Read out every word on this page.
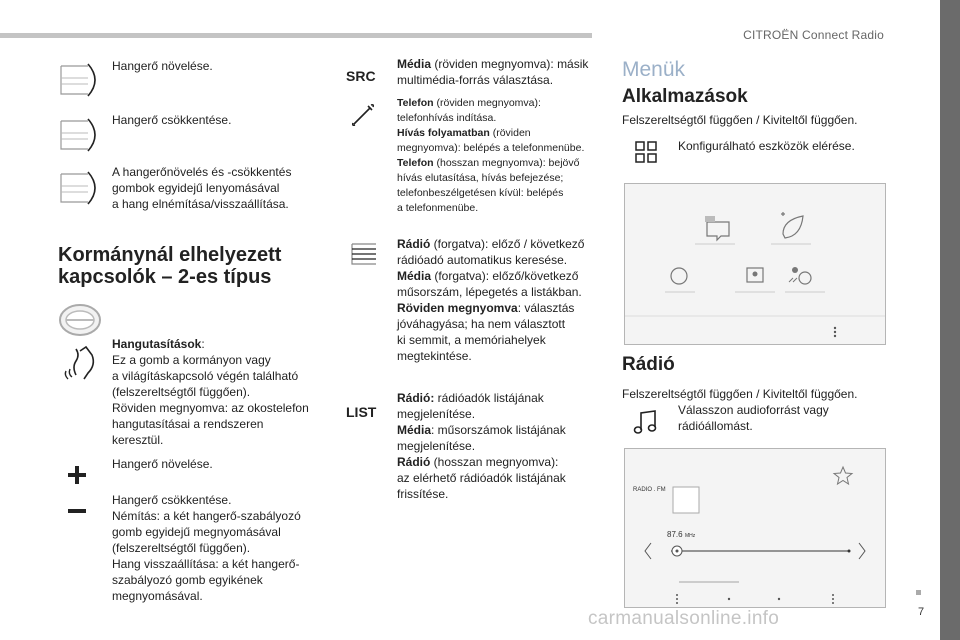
CITROËN Connect Radio
7
carmanualsonline.info
Hangerő növelése.
Hangerő csökkentése.
A hangerőnövelés és -csökkentés
gombok egyidejű lenyomásával
a hang elnémítása/visszaállítása.
Kormánynál elhelyezett
kapcsolók – 2-es típus
Hangutasítások:
Ez a gomb a kormányon vagy
a világításkapcsoló végén található
(felszereltségtől függően).
Röviden megnyomva: az okostelefon
hangutasításai a rendszeren
keresztül.
Hangerő növelése.
Hangerő csökkentése.
Némítás: a két hangerő-szabályozó
gomb egyidejű megnyomásával
(felszereltségtől függően).
Hang visszaállítása: a két hangerő-
szabályozó gomb egyikének
megnyomásával.
SRC
Média (röviden megnyomva): másik
multimédia-forrás választása.
Telefon (röviden megnyomva):
telefonhívás indítása.
Hívás folyamatban (röviden
megnyomva): belépés a telefonmenübe.
Telefon (hosszan megnyomva): bejövő
hívás elutasítása, hívás befejezése;
telefonbeszélgetésen kívül: belépés
a telefonmenübe.
Rádió (forgatva): előző / következő
rádióadó automatikus keresése.
Média (forgatva): előző/következő
műsorszám, lépegetés a listákban.
Röviden megnyomva: választás
jóváhagyása; ha nem választott
ki semmit, a memóriahelyek
megtekintése.
LIST
Rádió: rádióadók listájának
megjelenítése.
Média: műsorszámok listájának
megjelenítése.
Rádió (hosszan megnyomva):
az elérhető rádióadók listájának
frissítése.
Menük
Alkalmazások
Felszereltségtől függően / Kiviteltől függően.
Konfigurálható eszközök elérése.
Rádió
Felszereltségtől függően / Kiviteltől függően.
Válasszon audioforrást vagy
rádióállomást.
RADIO . FM
87.6 MHz
